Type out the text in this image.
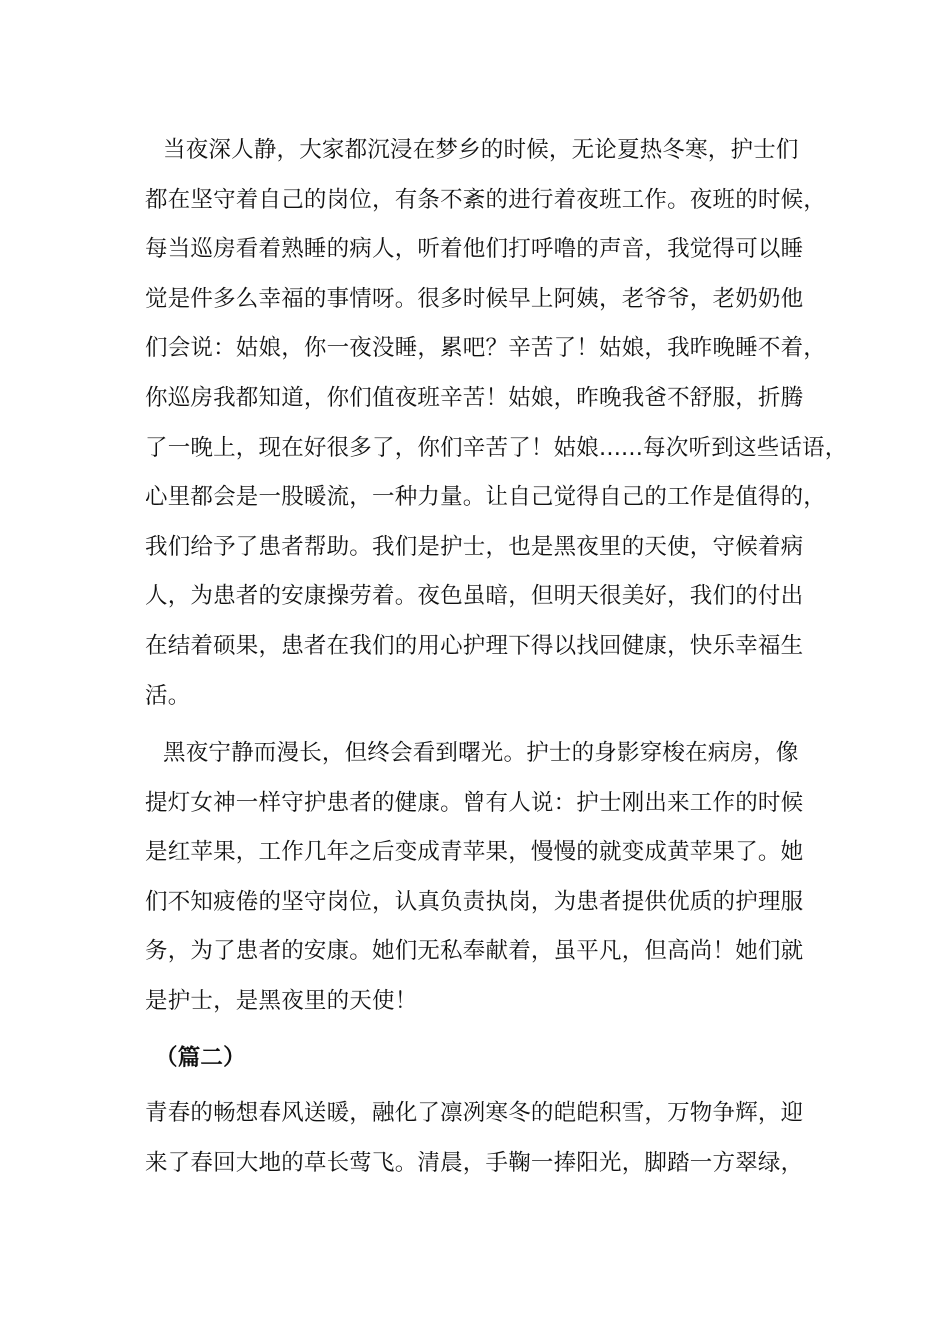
当夜深人静，大家都沉浸在梦乡的时候，无论夏热冬寒，护士们
都在坚守着自己的岗位，有条不紊的进行着夜班工作。夜班的时候，
每当巡房看着熟睡的病人，听着他们打呼噜的声音，我觉得可以睡
觉是件多么幸福的事情呀。很多时候早上阿姨，老爷爷，老奶奶他
们会说：姑娘，你一夜没睡，累吧？辛苦了！姑娘，我昨晚睡不着，
你巡房我都知道，你们值夜班辛苦！姑娘，昨晚我爸不舒服，折腾
了一晚上，现在好很多了，你们辛苦了！姑娘......每次听到这些话语，
心里都会是一股暖流，一种力量。让自己觉得自己的工作是值得的，
我们给予了患者帮助。我们是护士，也是黑夜里的天使，守候着病
人，为患者的安康操劳着。夜色虽暗，但明天很美好，我们的付出
在结着硕果，患者在我们的用心护理下得以找回健康，快乐幸福生
活。
黑夜宁静而漫长，但终会看到曙光。护士的身影穿梭在病房，像
提灯女神一样守护患者的健康。曾有人说：护士刚出来工作的时候
是红苹果，工作几年之后变成青苹果，慢慢的就变成黄苹果了。她
们不知疲倦的坚守岗位，认真负责执岗，为患者提供优质的护理服
务，为了患者的安康。她们无私奉献着，虽平凡，但高尚！她们就
是护士，是黑夜里的天使！
（篇二）
青春的畅想春风送暖，融化了凛冽寒冬的皑皑积雪，万物争辉，迎
来了春回大地的草长莺飞。清晨，手鞠一捧阳光，脚踏一方翠绿，
